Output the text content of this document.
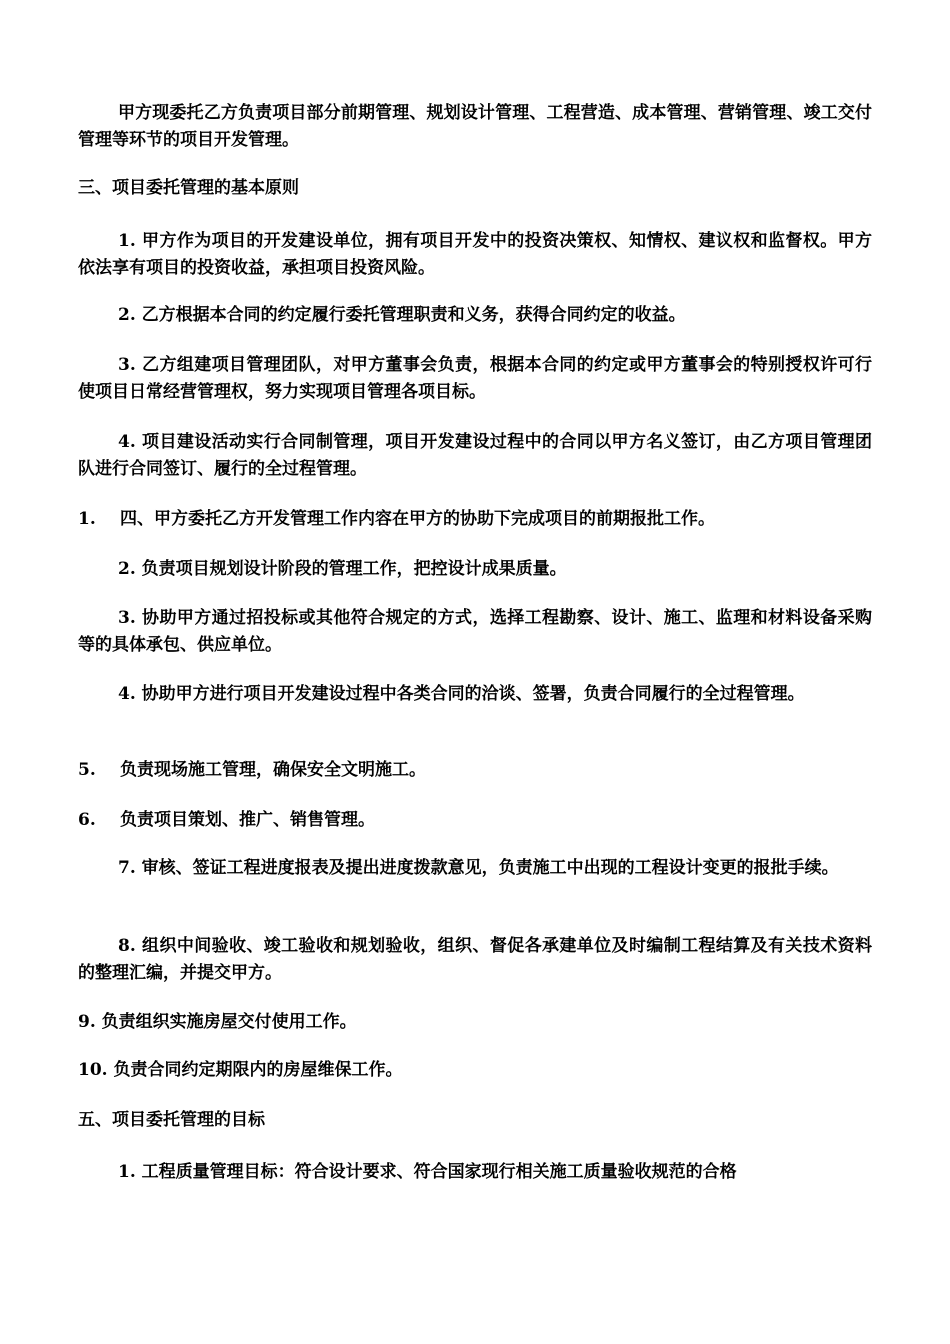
甲方现委托乙方负责项目部分前期管理、规划设计管理、工程营造、成本管理、营销管理、竣工交付管理等环节的项目开发管理。

三、项目委托管理的基本原则

1. 甲方作为项目的开发建设单位，拥有项目开发中的投资决策权、知情权、建议权和监督权。甲方依法享有项目的投资收益，承担项目投资风险。

2. 乙方根据本合同的约定履行委托管理职责和义务，获得合同约定的收益。

3. 乙方组建项目管理团队，对甲方董事会负责，根据本合同的约定或甲方董事会的特别授权许可行使项目日常经营管理权，努力实现项目管理各项目标。

4. 项目建设活动实行合同制管理，项目开发建设过程中的合同以甲方名义签订，由乙方项目管理团队进行合同签订、履行的全过程管理。

1. 四、甲方委托乙方开发管理工作内容在甲方的协助下完成项目的前期报批工作。

2. 负责项目规划设计阶段的管理工作，把控设计成果质量。

3. 协助甲方通过招投标或其他符合规定的方式，选择工程勘察、设计、施工、监理和材料设备采购等的具体承包、供应单位。

4. 协助甲方进行项目开发建设过程中各类合同的洽谈、签署，负责合同履行的全过程管理。

5. 负责现场施工管理，确保安全文明施工。

6. 负责项目策划、推广、销售管理。

7. 审核、签证工程进度报表及提出进度拨款意见，负责施工中出现的工程设计变更的报批手续。

8. 组织中间验收、竣工验收和规划验收，组织、督促各承建单位及时编制工程结算及有关技术资料的整理汇编，并提交甲方。

9. 负责组织实施房屋交付使用工作。

10. 负责合同约定期限内的房屋维保工作。

五、项目委托管理的目标

1. 工程质量管理目标：符合设计要求、符合国家现行相关施工质量验收规范的合格
